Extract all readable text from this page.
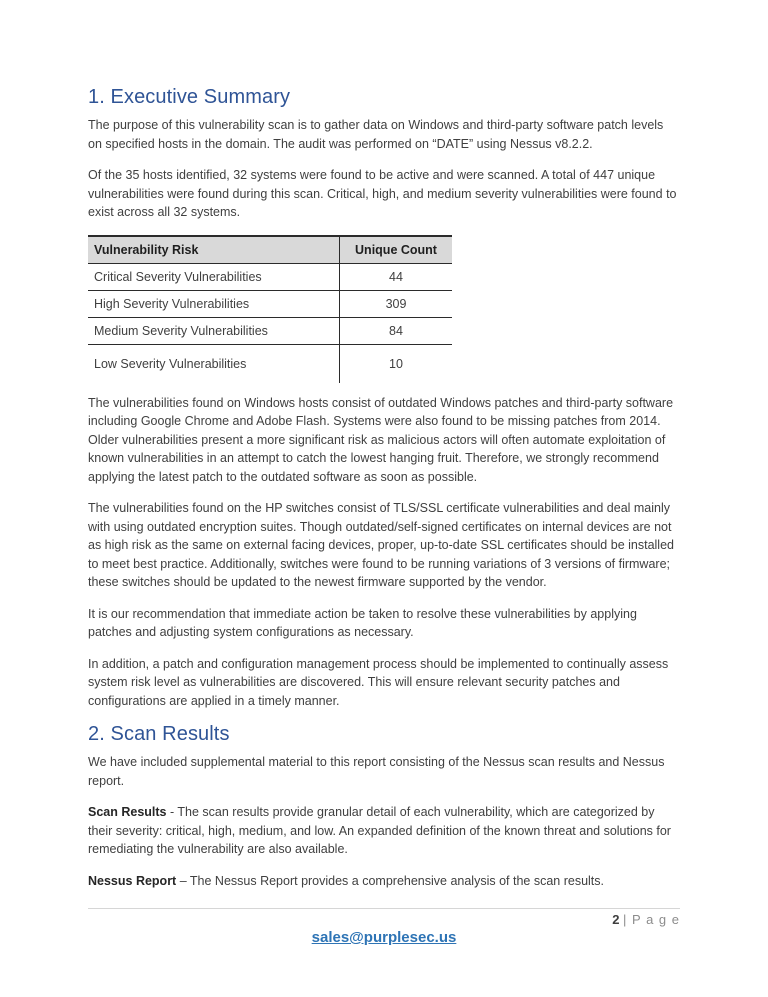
1. Executive Summary

The purpose of this vulnerability scan is to gather data on Windows and third-party software patch levels on specified hosts in the domain. The audit was performed on “DATE” using Nessus v8.2.2.

Of the 35 hosts identified, 32 systems were found to be active and were scanned. A total of 447 unique vulnerabilities were found during this scan. Critical, high, and medium severity vulnerabilities were found to exist across all 32 systems.

Vulnerability Risk	Unique Count
Critical Severity Vulnerabilities	44
High Severity Vulnerabilities	309
Medium Severity Vulnerabilities	84
Low Severity Vulnerabilities	10

The vulnerabilities found on Windows hosts consist of outdated Windows patches and third-party software including Google Chrome and Adobe Flash. Systems were also found to be missing patches from 2014. Older vulnerabilities present a more significant risk as malicious actors will often automate exploitation of known vulnerabilities in an attempt to catch the lowest hanging fruit. Therefore, we strongly recommend applying the latest patch to the outdated software as soon as possible.

The vulnerabilities found on the HP switches consist of TLS/SSL certificate vulnerabilities and deal mainly with using outdated encryption suites. Though outdated/self-signed certificates on internal devices are not as high risk as the same on external facing devices, proper, up-to-date SSL certificates should be installed to meet best practice. Additionally, switches were found to be running variations of 3 versions of firmware; these switches should be updated to the newest firmware supported by the vendor.

It is our recommendation that immediate action be taken to resolve these vulnerabilities by applying patches and adjusting system configurations as necessary.

In addition, a patch and configuration management process should be implemented to continually assess system risk level as vulnerabilities are discovered. This will ensure relevant security patches and configurations are applied in a timely manner.

2. Scan Results

We have included supplemental material to this report consisting of the Nessus scan results and Nessus report.

Scan Results - The scan results provide granular detail of each vulnerability, which are categorized by their severity: critical, high, medium, and low. An expanded definition of the known threat and solutions for remediating the vulnerability are also available.

Nessus Report – The Nessus Report provides a comprehensive analysis of the scan results.

2 | P a g e
sales@purplesec.us
